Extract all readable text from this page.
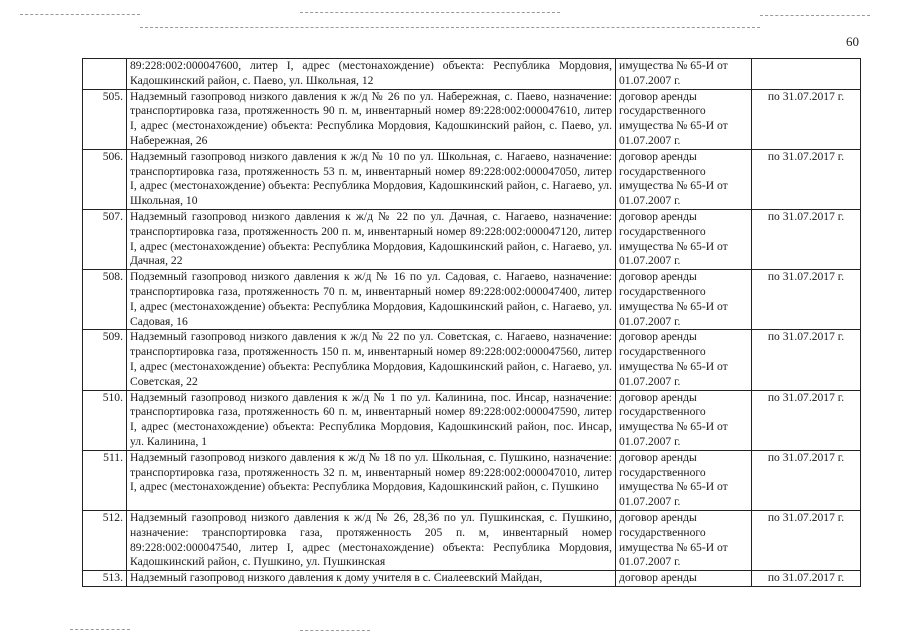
60
	89:228:002:000047600, литер I, адрес (местонахождение) объекта: Республика Мордовия, Кадошкинский район, с. Паево, ул. Школьная, 12	имущества № 65-И от 01.07.2007 г.	
505.	Надземный газопровод низкого давления к ж/д № 26 по ул. Набережная, с. Паево, назначение: транспортировка газа, протяженность 90 п. м, инвентарный номер 89:228:002:000047610, литер I, адрес (местонахождение) объекта: Республика Мордовия, Кадошкинский район, с. Паево, ул. Набережная, 26	договор аренды государственного имущества № 65-И от 01.07.2007 г.	по 31.07.2017 г.
506.	Надземный газопровод низкого давления к ж/д № 10 по ул. Школьная, с. Нагаево, назначение: транспортировка газа, протяженность 53 п. м, инвентарный номер 89:228:002:000047050, литер I, адрес (местонахождение) объекта: Республика Мордовия, Кадошкинский район, с. Нагаево, ул. Школьная, 10	договор аренды государственного имущества № 65-И от 01.07.2007 г.	по 31.07.2017 г.
507.	Надземный газопровод низкого давления к ж/д № 22 по ул. Дачная, с. Нагаево, назначение: транспортировка газа, протяженность 200 п. м, инвентарный номер 89:228:002:000047120, литер I, адрес (местонахождение) объекта: Республика Мордовия, Кадошкинский район, с. Нагаево, ул. Дачная, 22	договор аренды государственного имущества № 65-И от 01.07.2007 г.	по 31.07.2017 г.
508.	Подземный газопровод низкого давления к ж/д № 16 по ул. Садовая, с. Нагаево, назначение: транспортировка газа, протяженность 70 п. м, инвентарный номер 89:228:002:000047400, литер I, адрес (местонахождение) объекта: Республика Мордовия, Кадошкинский район, с. Нагаево, ул. Садовая, 16	договор аренды государственного имущества № 65-И от 01.07.2007 г.	по 31.07.2017 г.
509.	Надземный газопровод низкого давления к ж/д № 22 по ул. Советская, с. Нагаево, назначение: транспортировка газа, протяженность 150 п. м, инвентарный номер 89:228:002:000047560, литер I, адрес (местонахождение) объекта: Республика Мордовия, Кадошкинский район, с. Нагаево, ул. Советская, 22	договор аренды государственного имущества № 65-И от 01.07.2007 г.	по 31.07.2017 г.
510.	Надземный газопровод низкого давления к ж/д № 1 по ул. Калинина, пос. Инсар, назначение: транспортировка газа, протяженность 60 п. м, инвентарный номер 89:228:002:000047590, литер I, адрес (местонахождение) объекта: Республика Мордовия, Кадошкинский район, пос. Инсар, ул. Калинина, 1	договор аренды государственного имущества № 65-И от 01.07.2007 г.	по 31.07.2017 г.
511.	Надземный газопровод низкого давления к ж/д № 18 по ул. Школьная, с. Пушкино, назначение: транспортировка газа, протяженность 32 п. м, инвентарный номер 89:228:002:000047010, литер I, адрес (местонахождение) объекта: Республика Мордовия, Кадошкинский район, с. Пушкино	договор аренды государственного имущества № 65-И от 01.07.2007 г.	по 31.07.2017 г.
512.	Надземный газопровод низкого давления к ж/д № 26, 28,36 по ул. Пушкинская, с. Пушкино, назначение: транспортировка газа, протяженность 205 п. м, инвентарный номер 89:228:002:000047540, литер I, адрес (местонахождение) объекта: Республика Мордовия, Кадошкинский район, с. Пушкино, ул. Пушкинская	договор аренды государственного имущества № 65-И от 01.07.2007 г.	по 31.07.2017 г.
513.	Надземный газопровод низкого давления к дому учителя в с. Сиалеевский Майдан,	договор аренды	по 31.07.2017 г.
